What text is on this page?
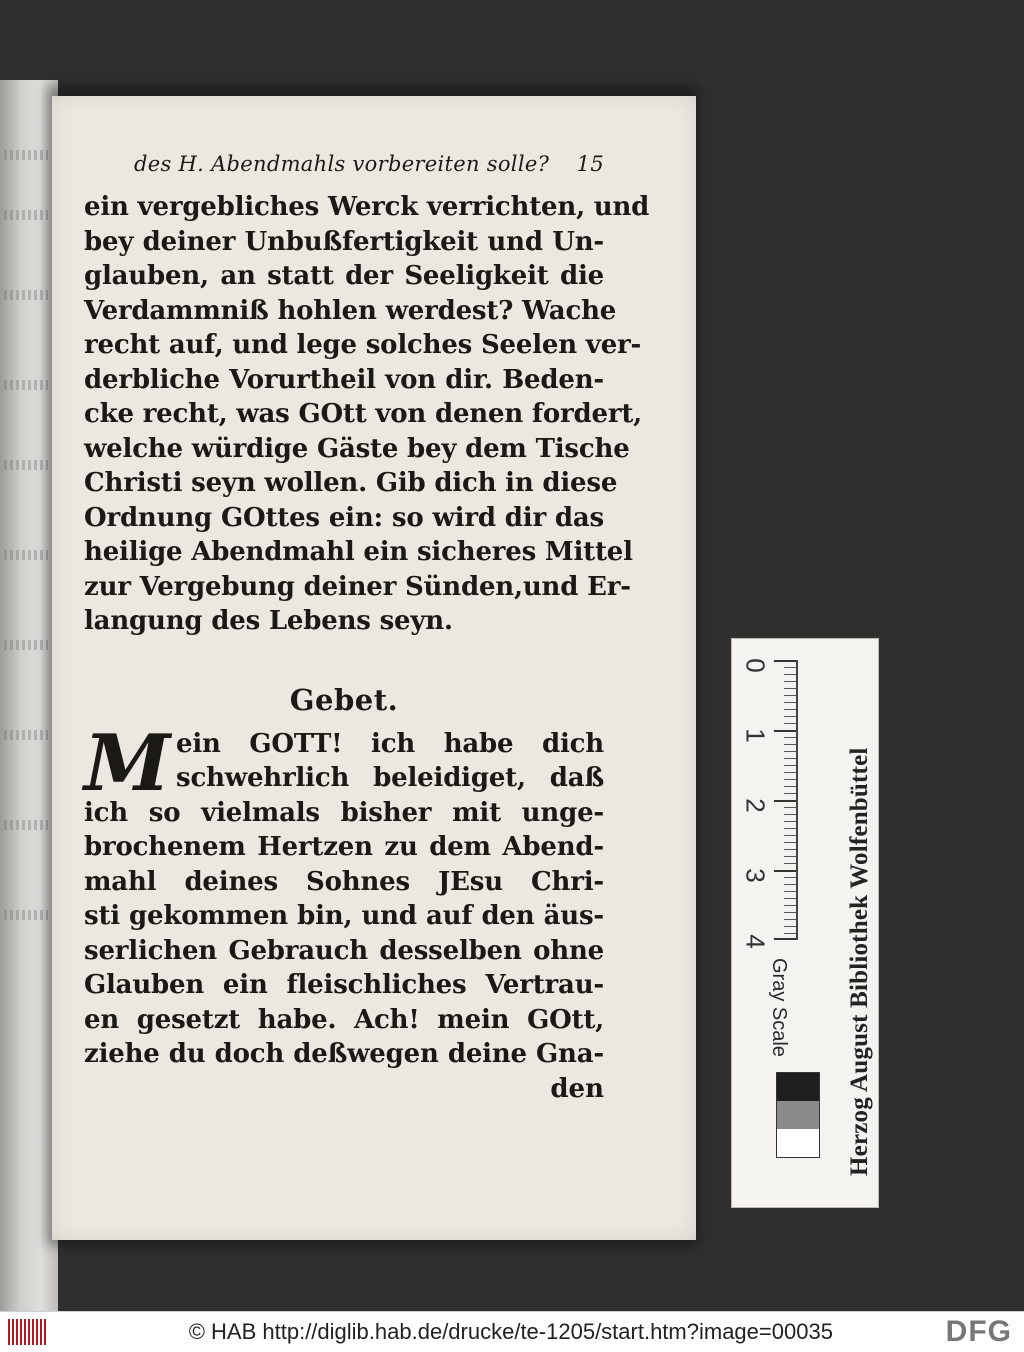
des H. Abendmahls vorbereiten solle? 15
ein vergebliches Werck verrichten, und
bey deiner Unbußfertigkeit und Un-
glauben, an statt der Seeligkeit die
Verdammniß hohlen werdest? Wache
recht auf, und lege solches Seelen ver-
derbliche Vorurtheil von dir. Beden-
cke recht, was GOtt von denen fordert,
welche würdige Gäste bey dem Tische
Christi seyn wollen. Gib dich in diese
Ordnung GOttes ein: so wird dir das
heilige Abendmahl ein sicheres Mittel
zur Vergebung deiner Sünden,und Er-
langung des Lebens seyn.
Gebet.
M ein GOTT! ich habe dich
schwehrlich beleidiget, daß
ich so vielmals bisher mit unge-
brochenem Hertzen zu dem Abend-
mahl deines Sohnes JEsu Chri-
sti gekommen bin, und auf den äus-
serlichen Gebrauch desselben ohne
Glauben ein fleischliches Vertrau-
en gesetzt habe. Ach! mein GOtt,
ziehe du doch deßwegen deine Gna-
den
0
1
2
3
4	Herzog August Bibliothek Wolfenbüttel
Gray Scale
© HAB http://diglib.hab.de/drucke/te-1205/start.htm?image=00035	DFG
